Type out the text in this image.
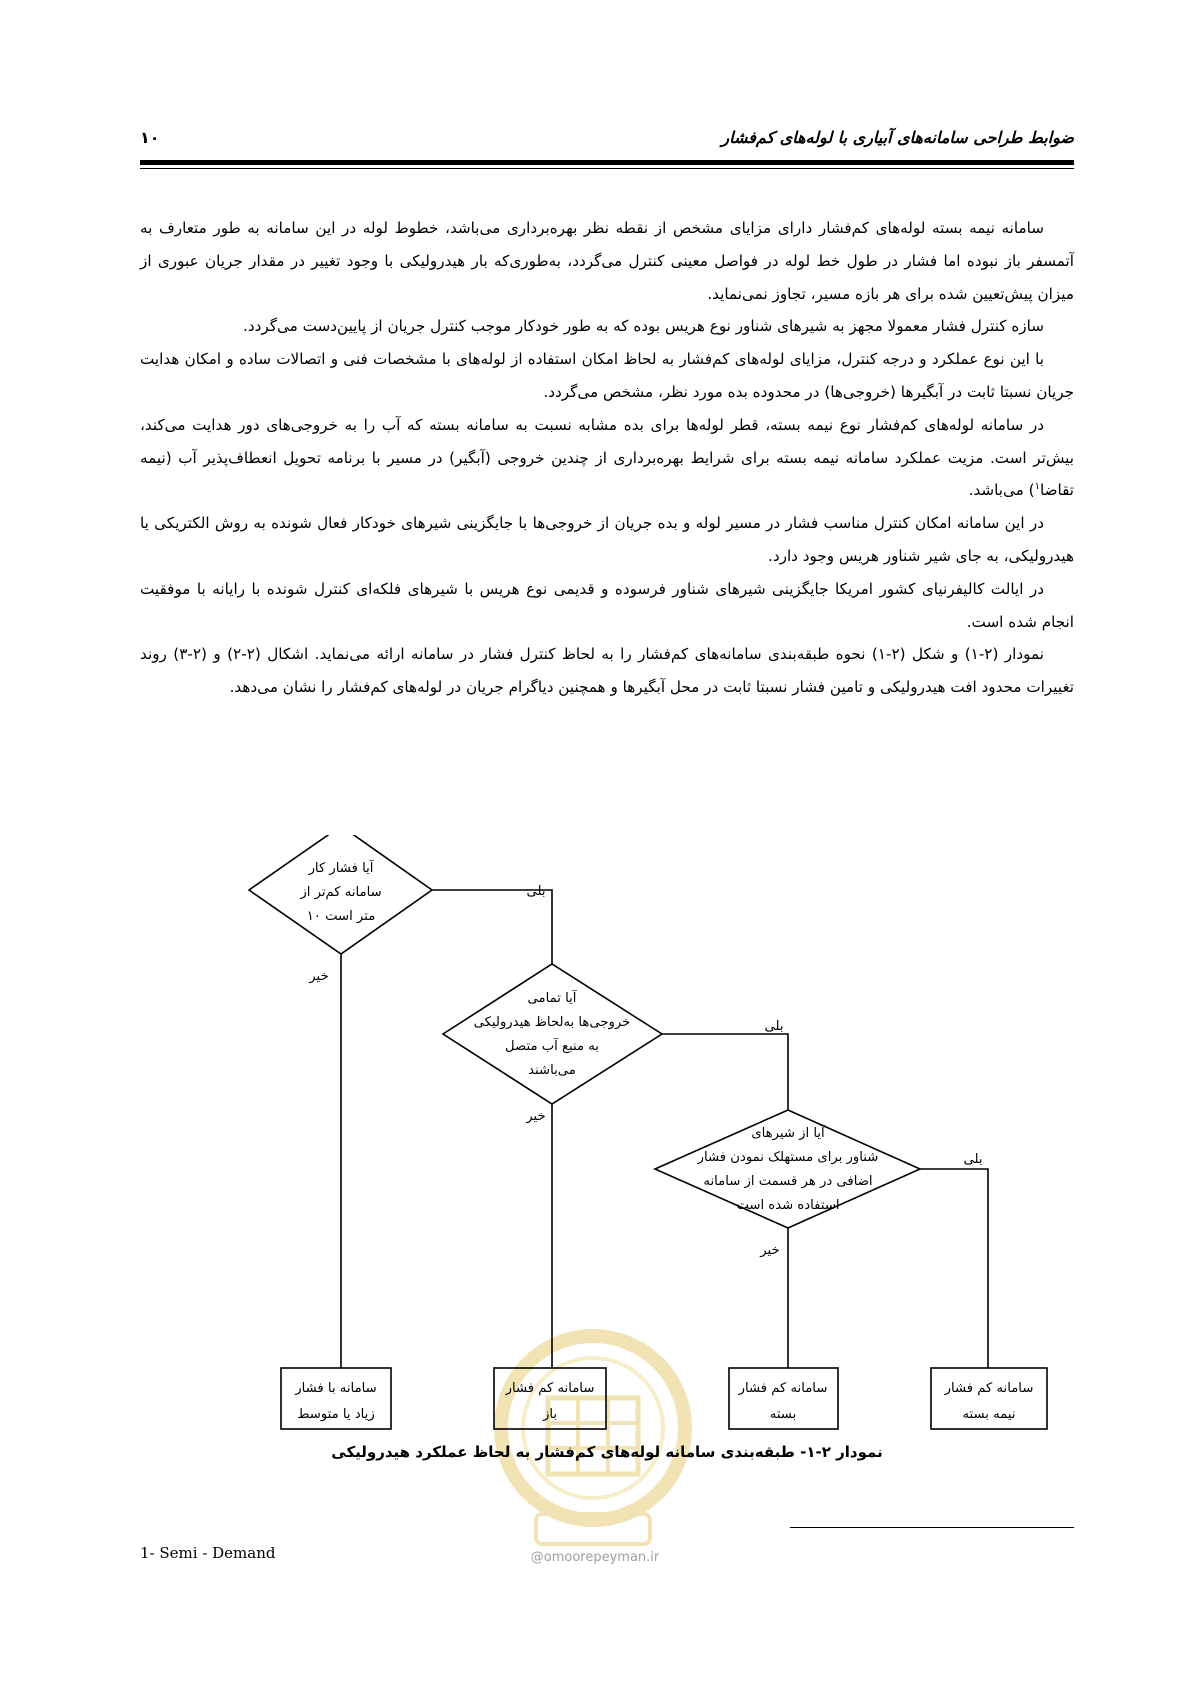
ضوابط طراحی سامانه‌های آبیاری با لوله‌های کم‌فشار
۱۰

سامانه نیمه بسته لوله‌های کم‌فشار دارای مزایای مشخص از نقطه نظر بهره‌برداری می‌باشد، خطوط لوله در این سامانه به طور متعارف به آتمسفر باز نبوده اما فشار در طول خط لوله در فواصل معینی کنترل می‌گردد، به‌طوری‌که بار هیدرولیکی با وجود تغییر در مقدار جریان عبوری از میزان پیش‌تعیین شده برای هر بازه مسیر، تجاوز نمی‌نماید.

سازه کنترل فشار معمولا مجهز به شیرهای شناور نوع هریس بوده که به طور خودکار موجب کنترل جریان از پایین‌دست می‌گردد.

با این نوع عملکرد و درجه کنترل، مزایای لوله‌های کم‌فشار به لحاظ امکان استفاده از لوله‌های با مشخصات فنی و اتصالات ساده و امکان هدایت جریان نسبتا ثابت در آبگیرها (خروجی‌ها) در محدوده بده مورد نظر، مشخص می‌گردد.

در سامانه لوله‌های کم‌فشار نوع نیمه بسته، قطر لوله‌ها برای بده مشابه نسبت به سامانه بسته که آب را به خروجی‌های دور هدایت می‌کند، بیش‌تر است. مزیت عملکرد سامانه نیمه بسته برای شرایط بهره‌برداری از چندین خروجی (آبگیر) در مسیر با برنامه تحویل انعطاف‌پذیر آب (نیمه تقاضا$^۱$) می‌باشد.

در این سامانه امکان کنترل مناسب فشار در مسیر لوله و بده جریان از خروجی‌ها با جایگزینی شیرهای خودکار فعال شونده به روش الکتریکی یا هیدرولیکی، به جای شیر شناور هریس وجود دارد.

در ایالت کالیفرنیای کشور امریکا جایگزینی شیرهای شناور فرسوده و قدیمی نوع هریس با شیرهای فلکه‌ای کنترل شونده با رایانه با موفقیت انجام شده است.

نمودار (۲-۱) و شکل (۲-۱) نحوه طبقه‌بندی سامانه‌های کم‌فشار را به لحاظ کنترل فشار در سامانه ارائه می‌نماید. اشکال (۲-۲) و (۲-۳) روند تغییرات محدود افت هیدرولیکی و تامین فشار نسبتا ثابت در محل آبگیرها و همچنین دیاگرام جریان در لوله‌های کم‌فشار را نشان می‌دهد.

@omoorepeyman.ir
آیا فشار کار
سامانه کم‌تر از
۱۰ متر است
آیا تمامی
خروجی‌ها به‌لحاظ هیدرولیکی
به منبع آب متصل
می‌باشند
آیا از شیرهای
شناور برای مستهلک نمودن فشار
اضافی در هر قسمت از سامانه
استفاده شده است
بلی
خیر
بلی
خیر
بلی
خیر
سامانه با فشار
زیاد یا متوسط
سامانه کم فشار
باز
سامانه کم فشار
بسته
سامانه کم فشار
نیمه بسته
نمودار ۲-۱- طبقه‌بندی سامانه لوله‌های کم‌فشار به لحاظ عملکرد هیدرولیکی
1- Semi - Demand
